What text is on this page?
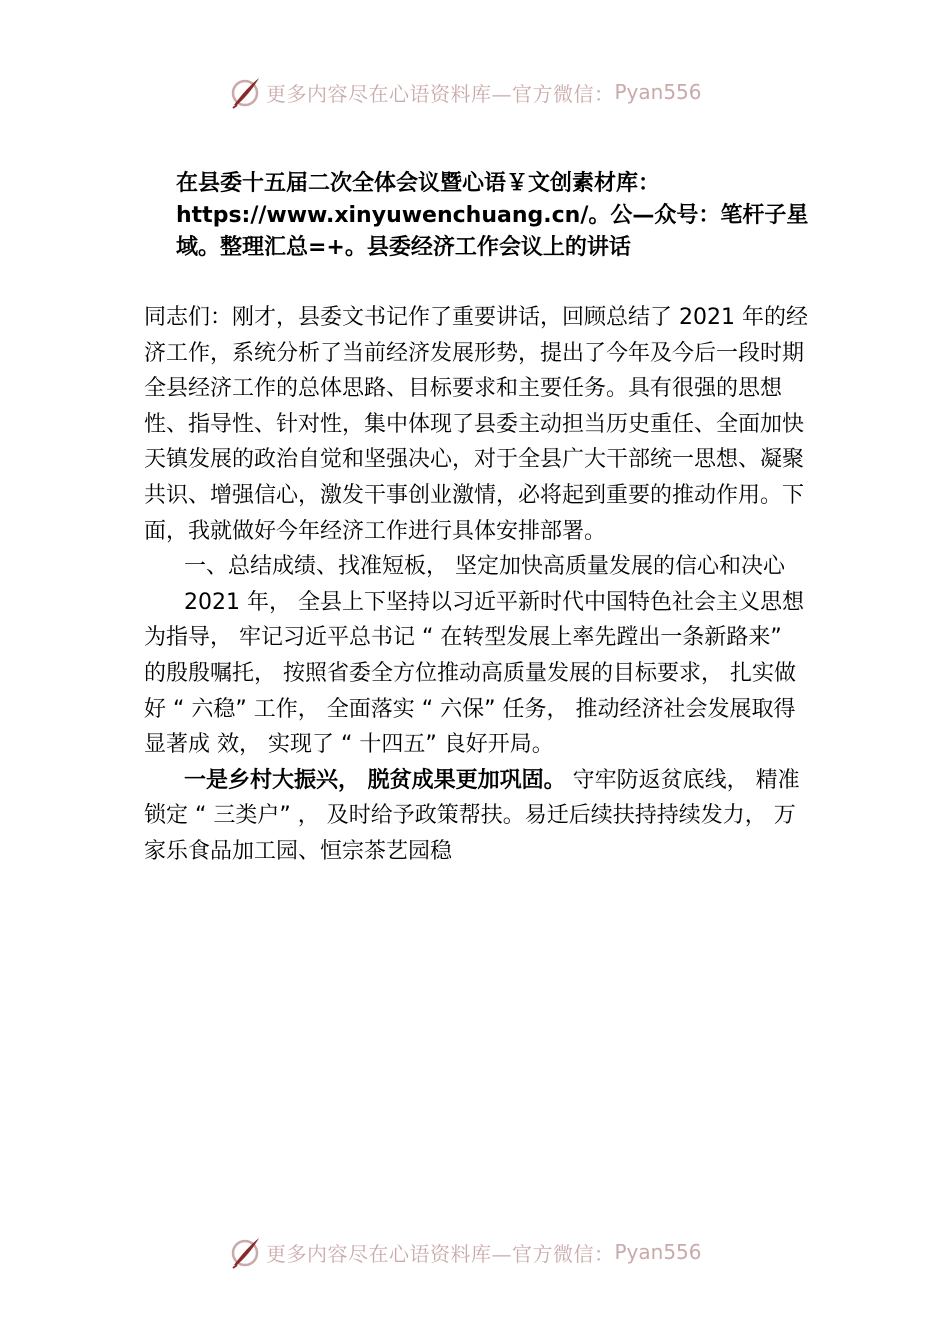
更多内容尽在心语资料库—官方微信： Pyan556
在县委十五届二次全体会议暨心语￥文创素材库：https://www.xinyuwenchuang.cn/。公—众号：笔杆子星域。整理汇总=+。县委经济工作会议上的讲话

同志们：刚才，县委文书记作了重要讲话，回顾总结了 2021 年的经济工作，系统分析了当前经济发展形势，提出了今年及今后一段时期全县经济工作的总体思路、目标要求和主要任务。具有很强的思想性、指导性、针对性，集中体现了县委主动担当历史重任、全面加快天镇发展的政治自觉和坚强决心，对于全县广大干部统一思想、凝聚共识、增强信心，激发干事创业激情，必将起到重要的推动作用。下面，我就做好今年经济工作进行具体安排部署。

一、总结成绩、找准短板， 坚定加快高质量发展的信心和决心

2021 年， 全县上下坚持以习近平新时代中国特色社会主义思想为指导， 牢记习近平总书记 “ 在转型发展上率先蹚出一条新路来” 的殷殷嘱托， 按照省委全方位推动高质量发展的目标要求， 扎实做好 “ 六稳” 工作， 全面落实 “ 六保” 任务， 推动经济社会发展取得显著成 效， 实现了 “ 十四五” 良好开局。

一是乡村大振兴， 脱贫成果更加巩固。 守牢防返贫底线， 精准锁定 “ 三类户” ， 及时给予政策帮扶。易迁后续扶持持续发力， 万家乐食品加工园、恒宗茶艺园稳

更多内容尽在心语资料库—官方微信： Pyan556
